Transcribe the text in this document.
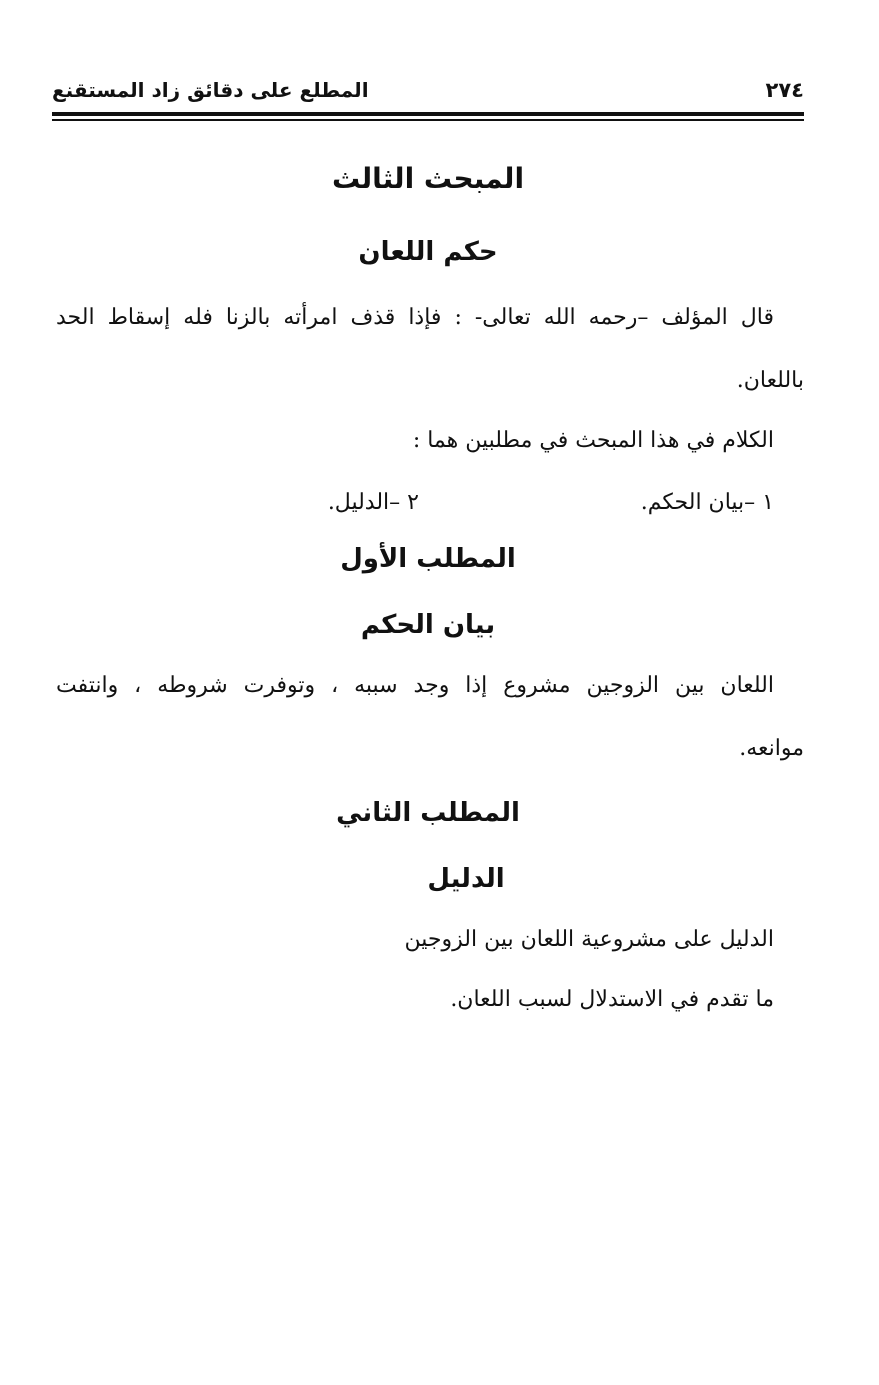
٢٧٤
المطلع على دقائق زاد المستقنع
المبحث الثالث
حكم اللعان
قال المؤلف –رحمه الله تعالى- : فإذا قذف امرأته بالزنا فله إسقاط الحد
باللعان.
الكلام في هذا المبحث في مطلبين هما :
١ –بيان الحكم.
٢ –الدليل.
المطلب الأول
بيان الحكم
اللعان بين الزوجين مشروع إذا وجد سببه ، وتوفرت شروطه ، وانتفت
موانعه.
المطلب الثاني
الدليل
الدليل على مشروعية اللعان بين الزوجين
ما تقدم في الاستدلال لسبب اللعان.
